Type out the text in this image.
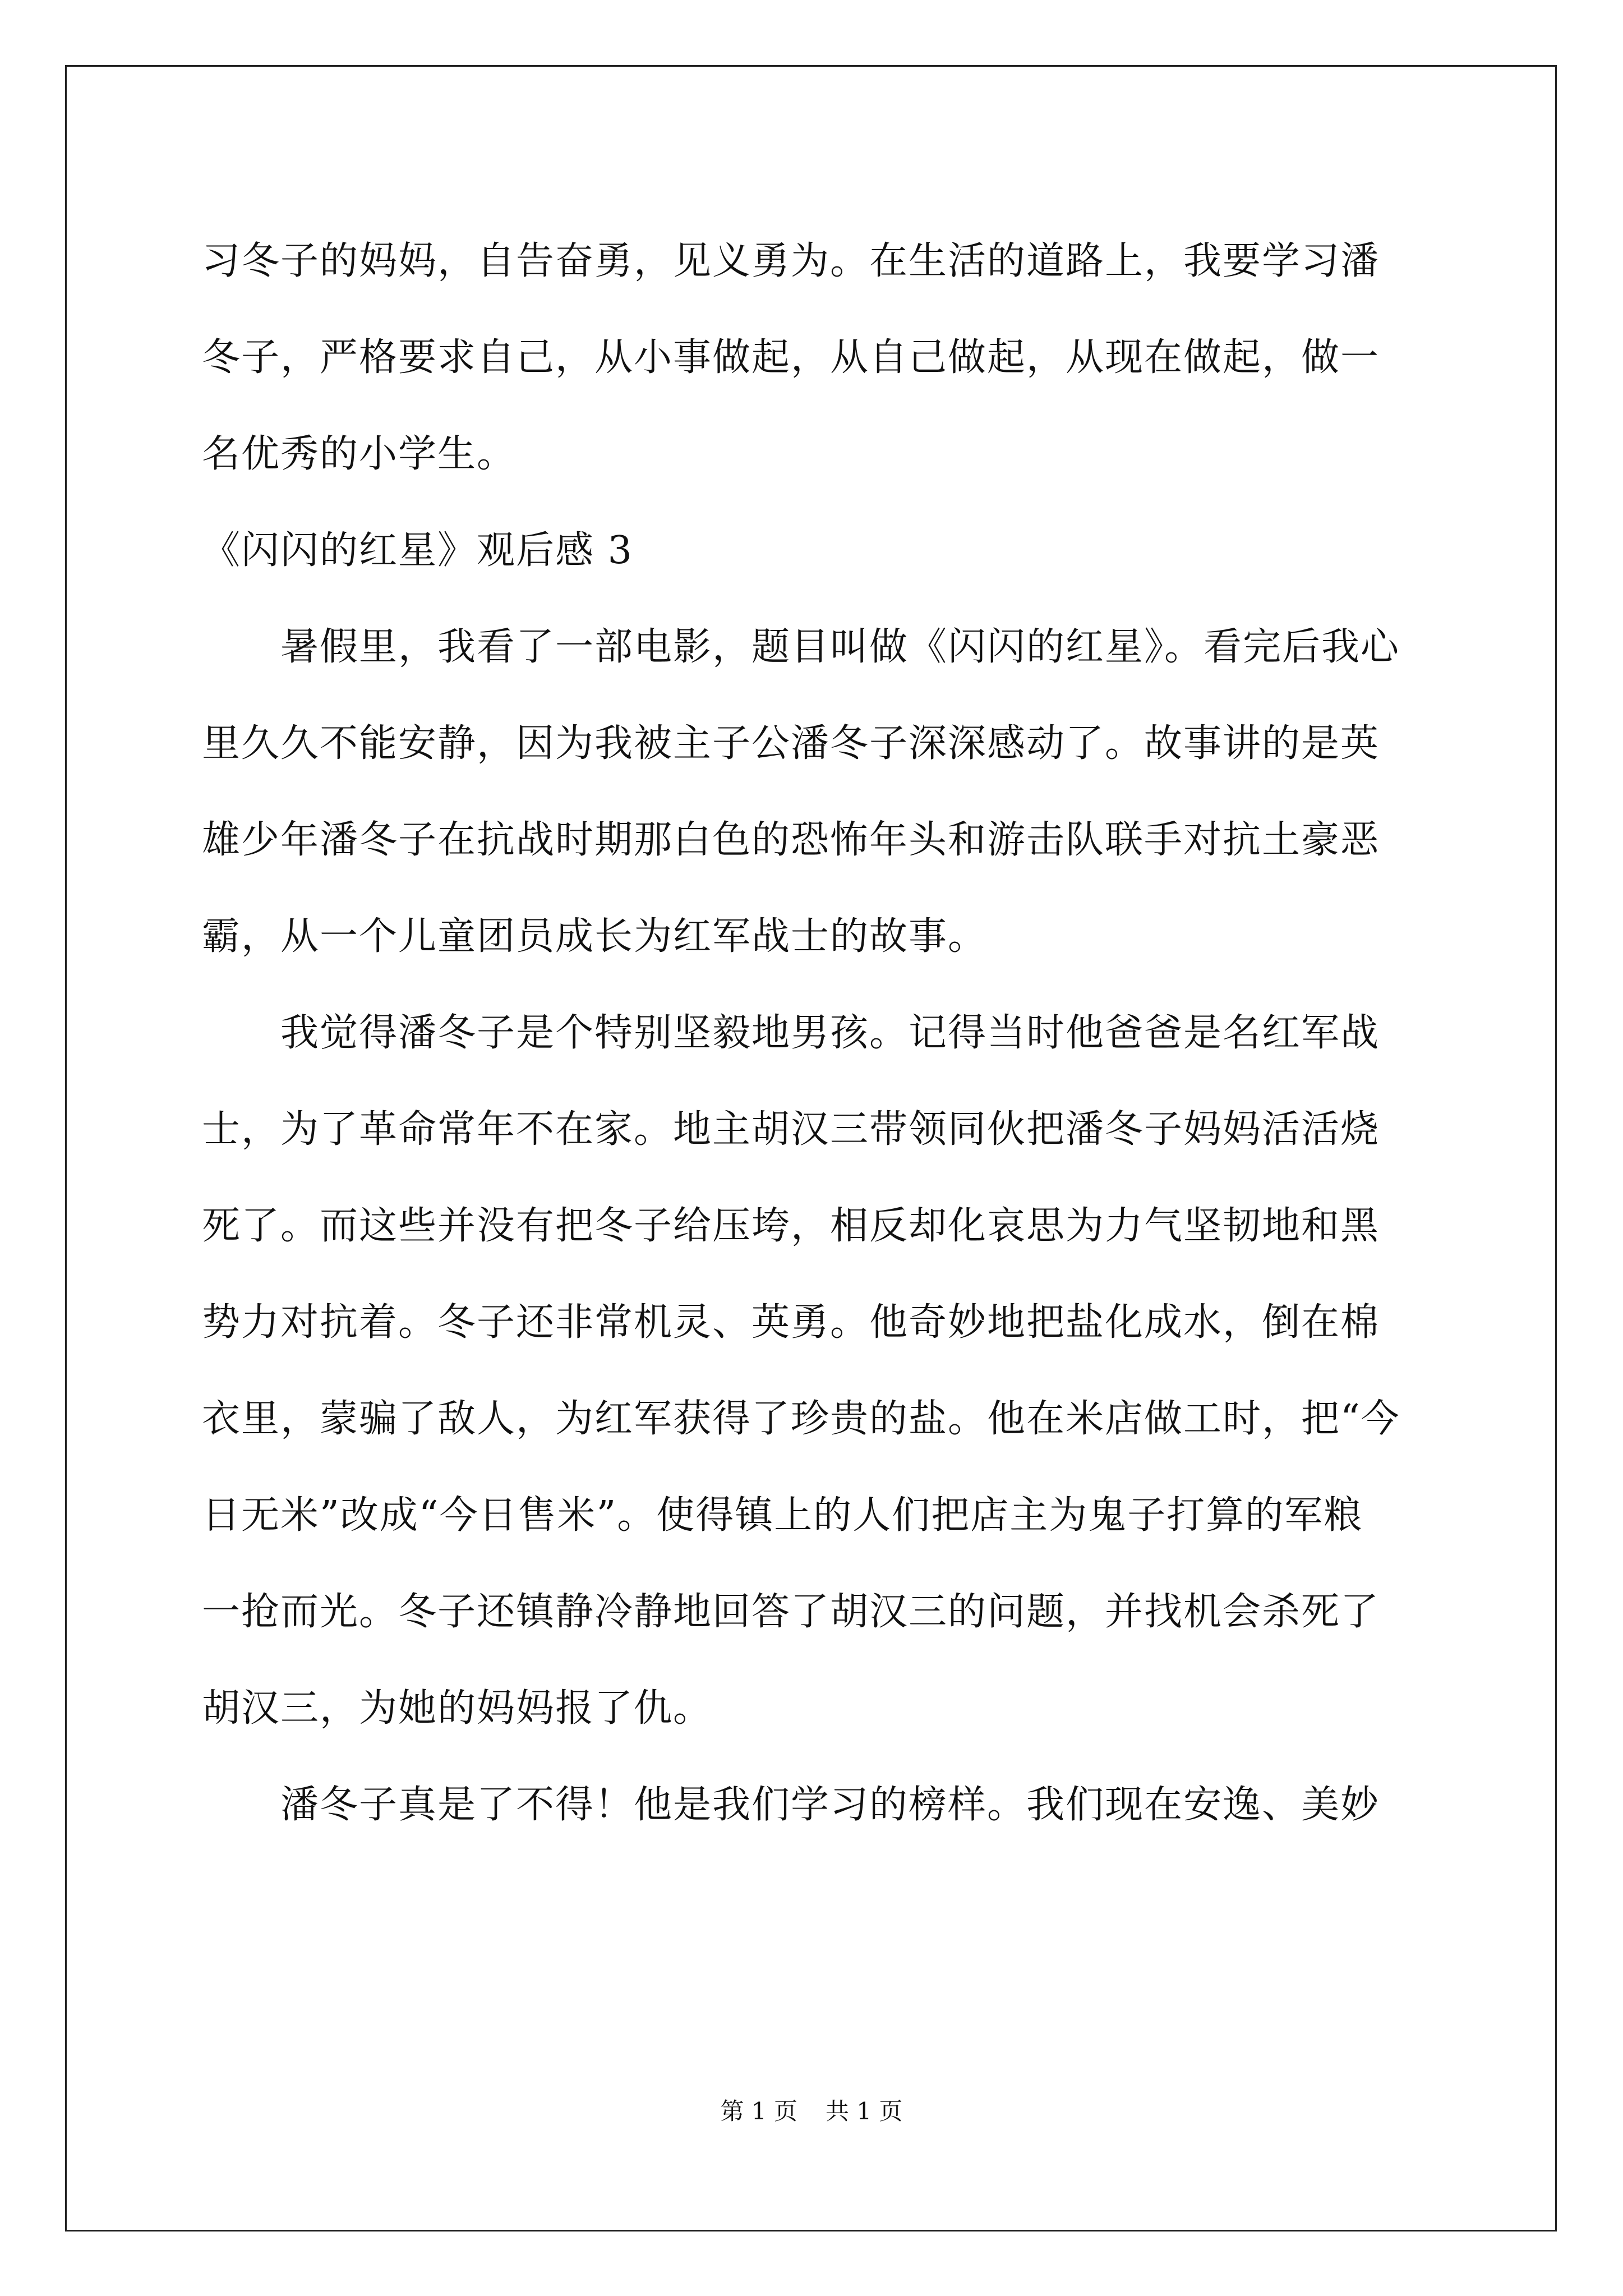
习冬子的妈妈，自告奋勇，见义勇为。在生活的道路上，我要学习潘
冬子，严格要求自己，从小事做起，从自己做起，从现在做起，做一
名优秀的小学生。
《闪闪的红星》观后感 3
暑假里，我看了一部电影，题目叫做《闪闪的红星》。看完后我心
里久久不能安静，因为我被主子公潘冬子深深感动了。故事讲的是英
雄少年潘冬子在抗战时期那白色的恐怖年头和游击队联手对抗土豪恶
霸，从一个儿童团员成长为红军战士的故事。
我觉得潘冬子是个特别坚毅地男孩。记得当时他爸爸是名红军战
士，为了革命常年不在家。地主胡汉三带领同伙把潘冬子妈妈活活烧
死了。而这些并没有把冬子给压垮，相反却化哀思为力气坚韧地和黑
势力对抗着。冬子还非常机灵、英勇。他奇妙地把盐化成水，倒在棉
衣里，蒙骗了敌人，为红军获得了珍贵的盐。他在米店做工时，把“今
日无米”改成“今日售米”。使得镇上的人们把店主为鬼子打算的军粮
一抢而光。冬子还镇静冷静地回答了胡汉三的问题，并找机会杀死了
胡汉三，为她的妈妈报了仇。
潘冬子真是了不得！他是我们学习的榜样。我们现在安逸、美妙
第 1 页 共 1 页
